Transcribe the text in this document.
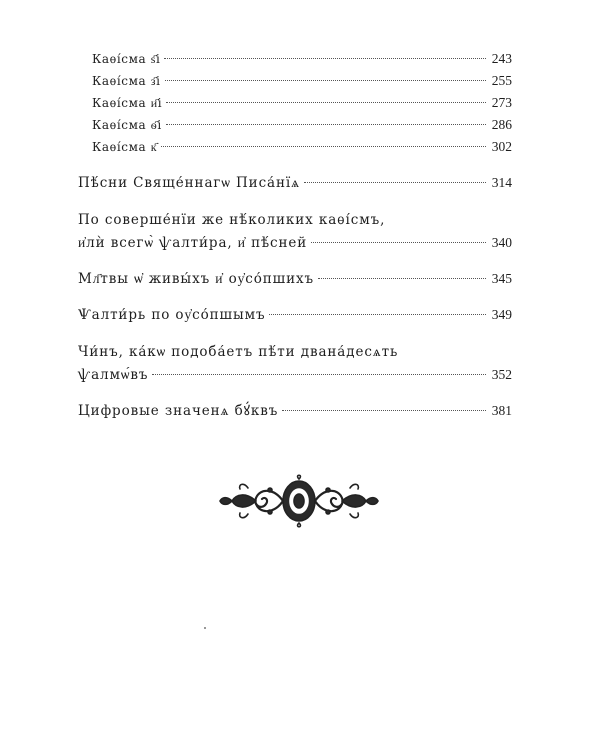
Каѳі́сма ѕ҃і	243
Каѳі́сма з҃і	255
Каѳі́сма и҃і	273
Каѳі́сма ѳ҃і	286
Каѳі́сма к҃	302
Пѣ́сни Свяще́ннагѡ Писа́нїѧ	314
По соверше́нїи же нѣ́коликих каѳі́смъ,
и҆лѝ всегѡ̀ ѱалти́ра, и҆ пѣ́сней	340
Мл҃твы ѡ҆ живы́хъ и҆ оу҆со́пшихъ	345
Ѱалти́рь по оу҆со́пшымъ	349
Чи́нъ, ка́кѡ подоба́етъ пѣ́ти двана́десѧть
ѱалмѡ́въ	352
Цифровые значенѧ бꙋ́квъ	381
